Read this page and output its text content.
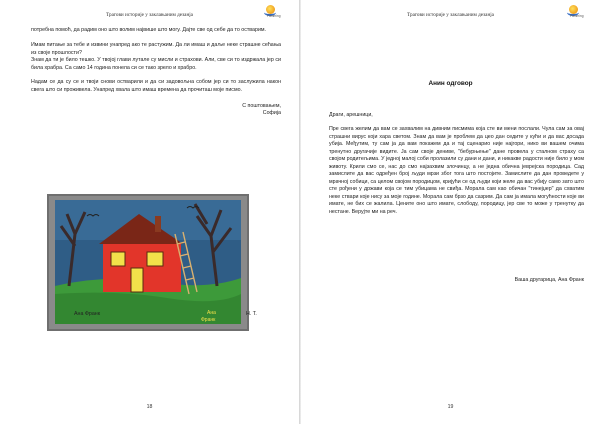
Трагови историје у заклањаним дезанја	Pamming

потребна помоћ, да радим оно што волим највише што могу. Дајте све од себе да то остварим.

Имам питање за тебе и извини унапред ако те растужим. Да ли имаш и даље неке страшне сећања из своје прошлости?

Знам да ти је било тешко. У твојој глави лутале су мисли и страхови. Али, све си то издржала јер си била храбра. Са само 14 година понела си се тако зрело и храбро.

Надам се да су се и твоји снови остварили и да си задовољна собом јер си то заслужила након свега што си проживела. Унапред хвала што имаш времена да прочиташ моје писмо.

С поштовањем,
Софија
Ана
Франк
Ана Франк	Н. Т.
18
Трагови историје у заклањаним дезанја	Pamming
Анин одговор

Драги, арешници,

Пре свега желим да вам се захвалим на дивним писмима која сте ви мени послали. Чула сам за овај страшни вирус који хара светом. Знам да вам је проблем да цео дан седите у кући и да вас досада убија. Међутим, ту сам ја да вам покажем да и тај сценарио није најгори, нико ви вашем очима тренутно другачије видите. Ја сам своје дениве, "бебурњење" дане провела у сталном страху са својом родитељима. У једној малој соби пролазили су дани и дани, и никакве радости није било у мом животу. Крили смо се, нас до смо најзахвим злочинцу, а не једна обична јеврејска породица. Сад замислите да вас одређен број људи мрзи због тога што постојите. Замислите да дан проведете у мрачној собици, са целом својом породицом, кријући се од људи који желе да вас убију само зато што сте рођени у држави која се тим убицама не свиђа. Морала сам као обичан "тинејџер" да схватим неке ствари које нису за моје године. Морала сам брзо да сазрим. Да сам ја имала могућности које ви имате, не бих се жалила. Цените оно што имате, слободу, породицу, јер све то може у тренутку да нестане. Верујте ми на реч.

Ваша другарица, Ана Франк
19
